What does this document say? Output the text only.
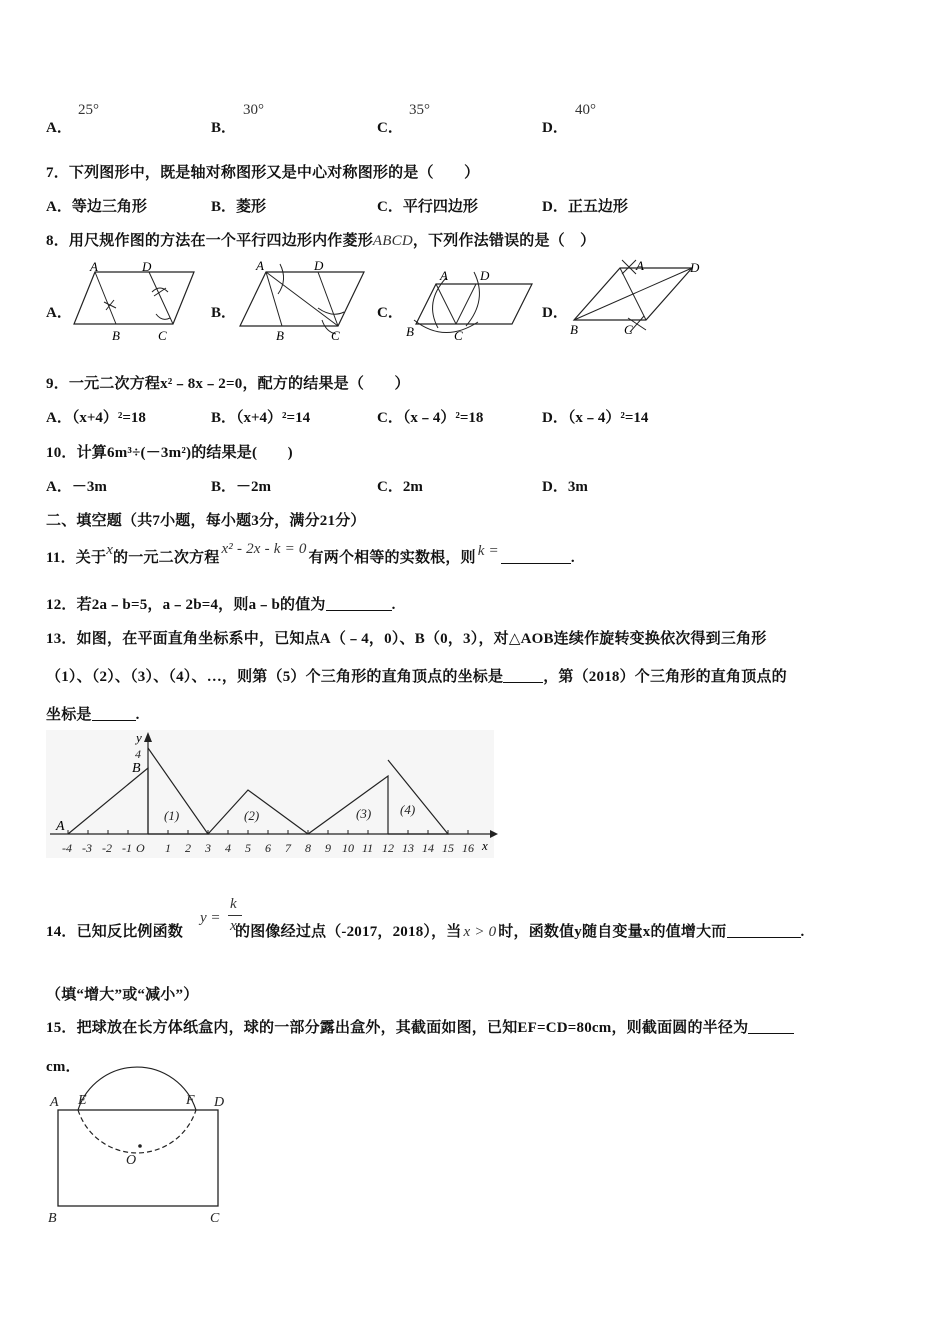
A．
25°
B．
30°
C．
35°
D．
40°
7．下列图形中，既是轴对称图形又是中心对称图形的是（　　）
A．等边三角形	B．菱形	C．平行四边形	D．正五边形
8．用尺规作图的方法在一个平行四边形内作菱形ABCD，下列作法错误的是（　）
A．	B．	C．	D．
A	D
B	C
A	D
B	C
A D
B	C
A	D
B	C
9．一元二次方程x²﹣8x﹣2=0，配方的结果是（　　）
A．（x+4）²=18	B．（x+4）²=14	C．（x﹣4）²=18	D．（x﹣4）²=14
10．计算6m³÷(－3m²)的结果是(　　)
A．－3m	B．－2m	C．2m	D．3m
二、填空题（共7小题，每小题3分，满分21分）
11．关于x的一元二次方程x² - 2x - k = 0有两个相等的实数根，则 k =	.
12．若2a﹣b=5，a﹣2b=4，则a﹣b的值为	.
13．如图，在平面直角坐标系中，已知点A（﹣4，0）、B（0，3），对△AOB连续作旋转变换依次得到三角形
（1）、（2）、（3）、（4）、…，则第（5）个三角形的直角顶点的坐标是	，第（2018）个三角形的直角顶点的
坐标是	.
-4 -3 -2 -1 O 1 2 3 4 5 6 7 8 9 10 11 12 13 14 15 16
4
x
y
A
B
(1)	(2)	(3) (4)
14．已知反比例函数	的图像经过点（-2017，2018），当 x > 0 时，函数值y随自变量x的值增大而	.
y =
k
x
（填“增大”或“减小”）
15．把球放在长方体纸盒内，球的一部分露出盒外，其截面如图，已知EF=CD=80cm，则截面圆的半径为
cm．
A E	F D
O
B	C
